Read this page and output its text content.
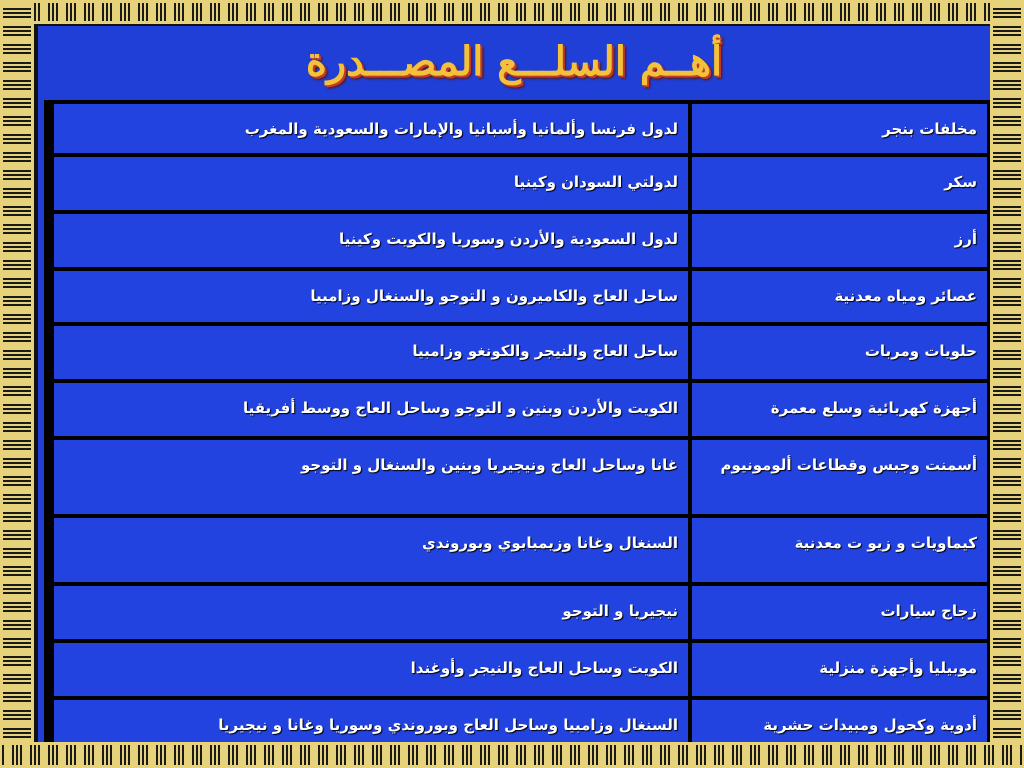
أهــم السلـــع المصـــدرة
مخلفات بنجر
لدول فرنسا وألمانيا وأسبانيا والإمارات والسعودية والمغرب
سكر
لدولتي السودان وكينيا
أرز
لدول السعودية والأردن وسوريا والكويت وكينيا
عصائر ومياه معدنية
ساحل العاج والكاميرون و التوجو والسنغال وزامبيا
حلويات ومربات
ساحل العاج والنيجر والكونغو وزامبيا
أجهزة كهربائية وسلع معمرة
الكويت والأردن وبنين و التوجو وساحل العاج ووسط أفريقيا
أسمنت وجبس وقطاعات ألومونيوم
غانا وساحل العاج ونيجيريا وبنين والسنغال و التوجو
كيماويات و زيو ت معدنية
السنغال وغانا وزيمبابوي وبوروندي
زجاج سيارات
نيجيريا و التوجو
موبيليا وأجهزة منزلية
الكويت وساحل العاج والنيجر وأوغندا
أدوية وكحول ومبيدات حشرية
السنغال وزامبيا وساحل العاج وبوروندي وسوريا وغانا و نيجيريا
